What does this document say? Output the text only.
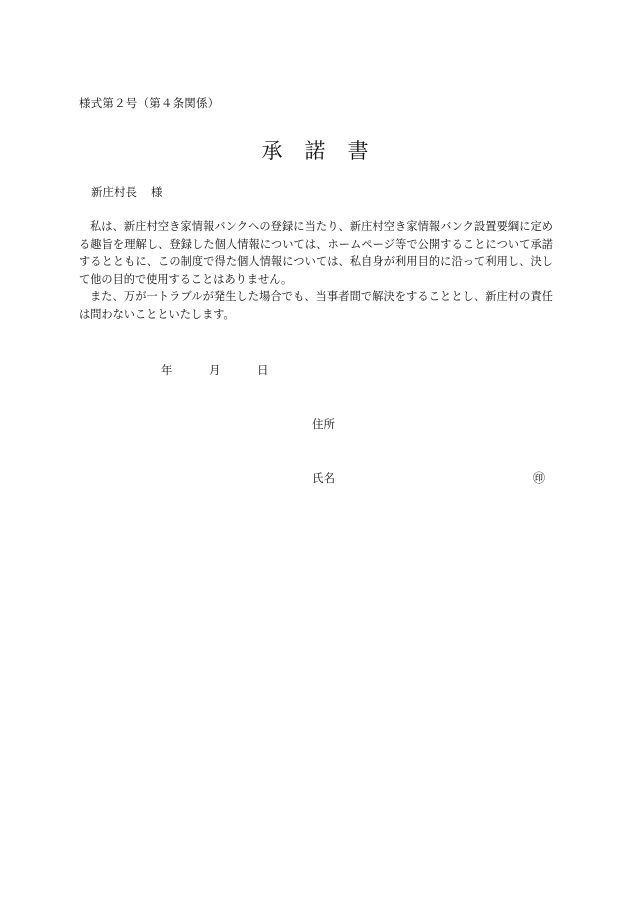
様式第２号（第４条関係）
承諾書
新庄村長 様

私は、新庄村空き家情報バンクへの登録に当たり、新庄村空き家情報バンク設置要綱に定める趣旨を理解し、登録した個人情報については、ホームページ等で公開することについて承諾するとともに、この制度で得た個人情報については、私自身が利用目的に沿って利用し、決して他の目的で使用することはありません。

また、万が一トラブルが発生した場合でも、当事者間で解決をすることとし、新庄村の責任は問わないことといたします。

年	月	日
住所
氏名	㊞
